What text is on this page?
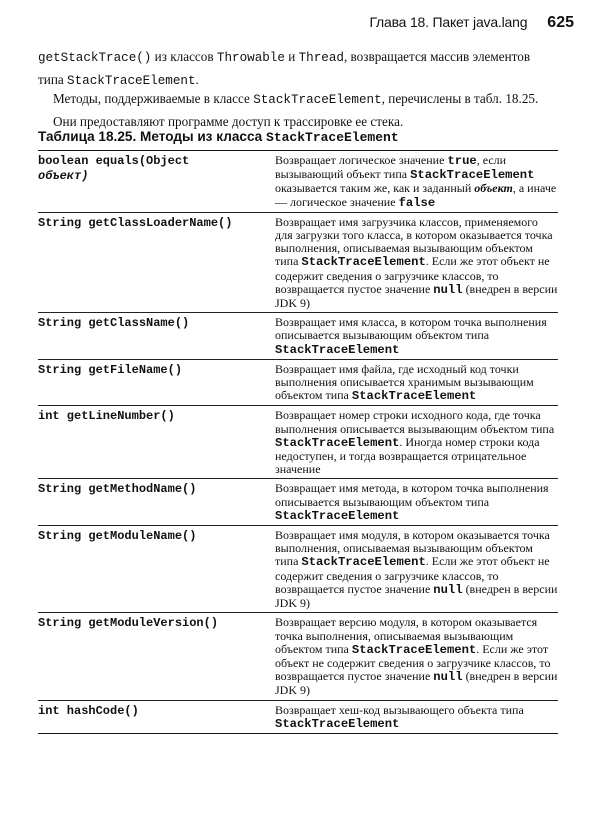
Глава 18. Пакет java.lang 625

getStackTrace() из классов Throwable и Thread, возвращается массив элементов типа StackTraceElement.

Методы, поддерживаемые в классе StackTraceElement, перечислены в табл. 18.25. Они предоставляют программе доступ к трассировке ее стека.

Таблица 18.25. Методы из класса StackTraceElement
boolean equals(Object
объект)	Возвращает логическое значение true, если вызывающий объект типа StackTraceElement оказывается таким же, как и заданный объект, а иначе — логическое значение false
String getClassLoaderName()	Возвращает имя загрузчика классов, применяемого для загрузки того класса, в котором оказывается точка выполнения, описываемая вызывающим объектом типа StackTraceElement. Если же этот объект не содержит сведения о загрузчике классов, то возвращается пустое значение null (внедрен в версии JDK 9)
String getClassName()	Возвращает имя класса, в котором точка выполнения описывается вызывающим объектом типа StackTraceElement
String getFileName()	Возвращает имя файла, где исходный код точки выполнения описывается хранимым вызывающим объектом типа StackTraceElement
int getLineNumber()	Возвращает номер строки исходного кода, где точка выполнения описывается вызывающим объектом типа StackTraceElement. Иногда номер строки кода недоступен, и тогда возвращается отрицательное значение
String getMethodName()	Возвращает имя метода, в котором точка выполнения описывается вызывающим объектом типа StackTraceElement
String getModuleName()	Возвращает имя модуля, в котором оказывается точка выполнения, описываемая вызывающим объектом типа StackTraceElement. Если же этот объект не содержит сведения о загрузчике классов, то возвращается пустое значение null (внедрен в версии JDK 9)
String getModuleVersion()	Возвращает версию модуля, в котором оказывается точка выполнения, описываемая вызывающим объектом типа StackTraceElement. Если же этот объект не содержит сведения о загрузчике классов, то возвращается пустое значение null (внедрен в версии JDK 9)
int hashCode()	Возвращает хеш-код вызывающего объекта типа StackTraceElement
